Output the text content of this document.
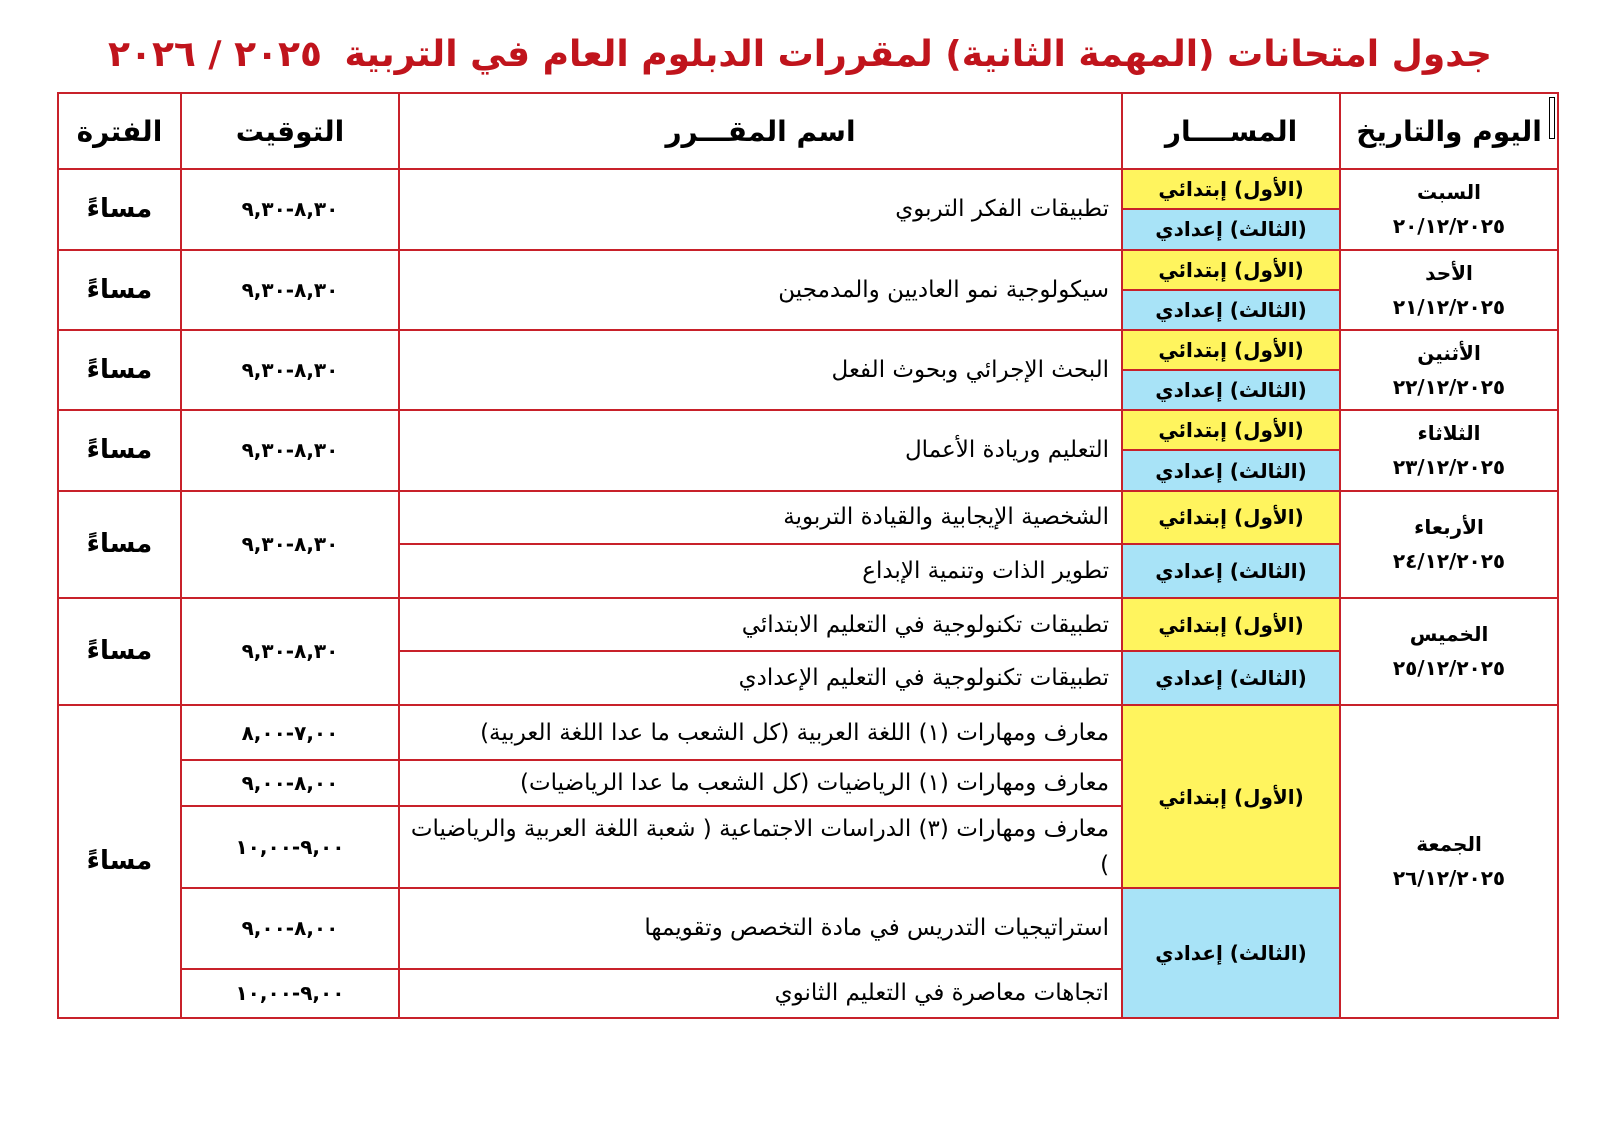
جدول امتحانات (المهمة الثانية) لمقررات الدبلوم العام في التربية ٢٠٢٥ / ٢٠٢٦
اليوم والتاريخ	المســــار	اسم المقـــرر	التوقيت	الفترة

السبت
٢٠/١٢/٢٠٢٥	(الأول) إبتدائي	تطبيقات الفكر التربوي	٨,٣٠-٩,٣٠	مساءً
	(الثالث) إعدادي			

الأحد
٢١/١٢/٢٠٢٥	(الأول) إبتدائي	سيكولوجية نمو العاديين والمدمجين	٨,٣٠-٩,٣٠	مساءً
	(الثالث) إعدادي			

الأثنين
٢٢/١٢/٢٠٢٥	(الأول) إبتدائي	البحث الإجرائي وبحوث الفعل	٨,٣٠-٩,٣٠	مساءً
	(الثالث) إعدادي			

الثلاثاء
٢٣/١٢/٢٠٢٥	(الأول) إبتدائي	التعليم وريادة الأعمال	٨,٣٠-٩,٣٠	مساءً
	(الثالث) إعدادي			

الأربعاء
٢٤/١٢/٢٠٢٥	(الأول) إبتدائي	الشخصية الإيجابية والقيادة التربوية	٨,٣٠-٩,٣٠	مساءً
	(الثالث) إعدادي	تطوير الذات وتنمية الإبداع		

الخميس
٢٥/١٢/٢٠٢٥	(الأول) إبتدائي	تطبيقات تكنولوجية في التعليم الابتدائي	٨,٣٠-٩,٣٠	مساءً
	(الثالث) إعدادي	تطبيقات تكنولوجية في التعليم الإعدادي		

الجمعة
٢٦/١٢/٢٠٢٥	(الأول) إبتدائي	معارف ومهارات (١) اللغة العربية (كل الشعب ما عدا اللغة العربية)	٧,٠٠-٨,٠٠	مساءً
		معارف ومهارات (١) الرياضيات (كل الشعب ما عدا الرياضيات)	٨,٠٠-٩,٠٠	
		معارف ومهارات (٣) الدراسات الاجتماعية ( شعبة اللغة العربية والرياضيات )	٩,٠٠-١٠,٠٠	
	(الثالث) إعدادي	استراتيجيات التدريس في مادة التخصص وتقويمها	٨,٠٠-٩,٠٠	
		اتجاهات معاصرة في التعليم الثانوي	٩,٠٠-١٠,٠٠	
